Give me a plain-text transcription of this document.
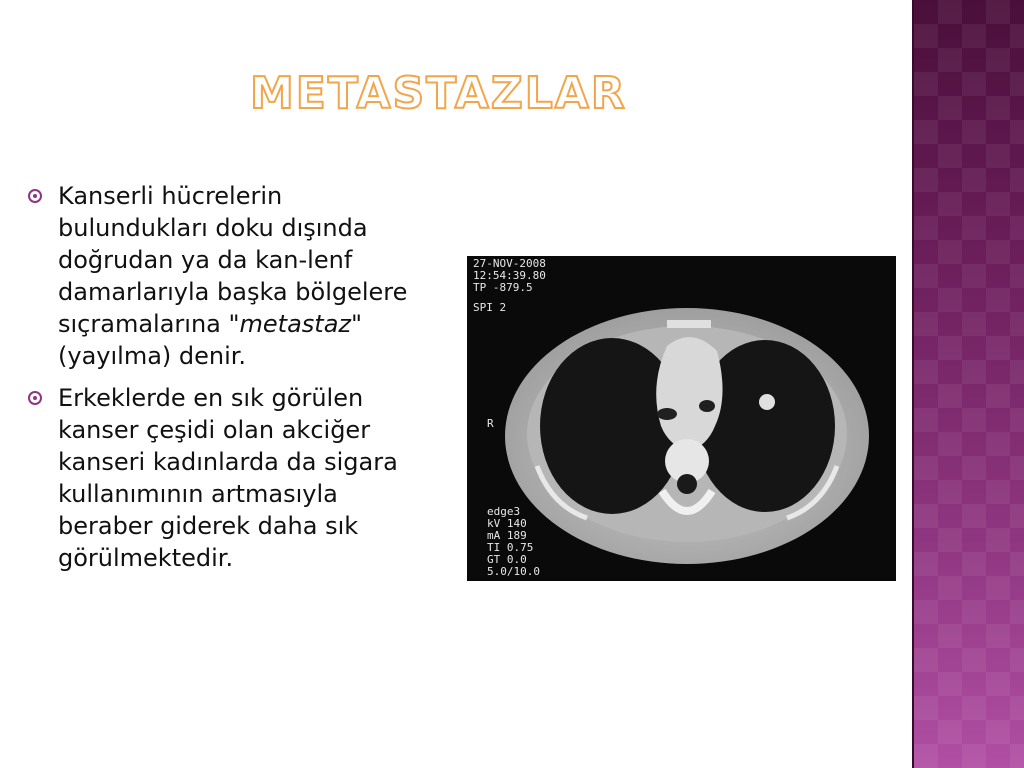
METASTAZLAR
Kanserli hücrelerin bulundukları doku dışında doğrudan ya da kan-lenf damarlarıyla başka bölgelere sıçramalarına "metastaz" (yayılma) denir.
Erkeklerde en sık görülen kanser çeşidi olan akciğer kanseri kadınlarda da sigara kullanımının artmasıyla beraber giderek daha sık görülmektedir.
27-NOV-2008
12:54:39.80
TP -879.5
SPI 2
R
edge3
kV 140
mA 189
TI 0.75
GT 0.0
5.0/10.0
